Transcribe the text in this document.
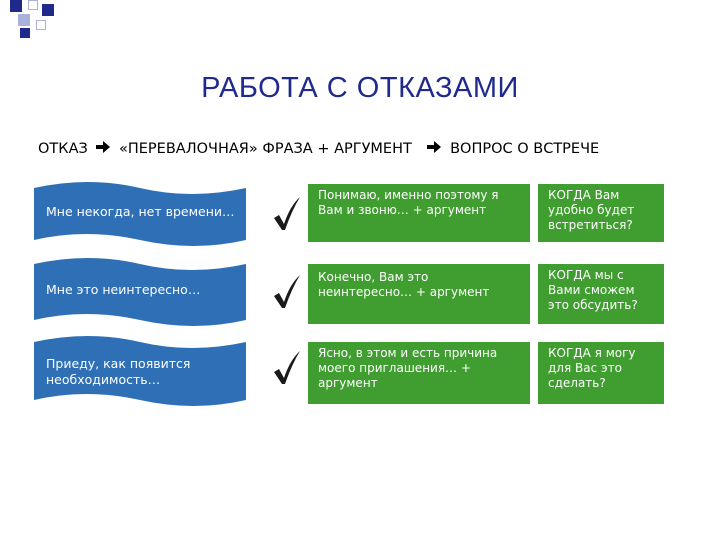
РАБОТА С ОТКАЗАМИ
ОТКАЗ «ПЕРЕВАЛОЧНАЯ» ФРАЗА + АРГУМЕНТ	ВОПРОС О ВСТРЕЧЕ
Мне некогда, нет времени…
Понимаю, именно поэтому я Вам и звоню… + аргумент
КОГДА Вам удобно будет встретиться?
Мне это неинтересно…
Конечно, Вам это неинтересно… + аргумент
КОГДА мы с Вами сможем это обсудить?
Приеду, как появится необходимость…
Ясно, в этом и есть причина моего приглашения… + аргумент
КОГДА я могу для Вас это сделать?
